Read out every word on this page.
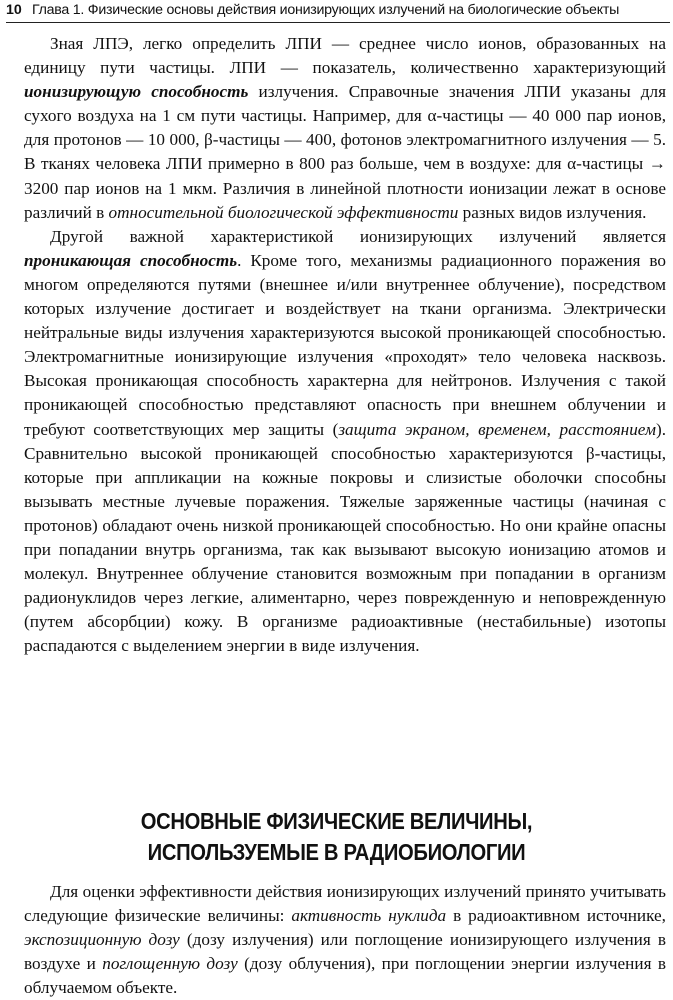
10 Глава 1. Физические основы действия ионизирующих излучений на биологические объекты

Зная ЛПЭ, легко определить ЛПИ — среднее число ионов, образованных на единицу пути частицы. ЛПИ — показатель, количественно характеризующий ионизирующую способность излучения. Справочные значения ЛПИ указаны для сухого воздуха на 1 см пути частицы. Например, для α-частицы — 40 000 пар ионов, для протонов — 10 000, β-частицы — 400, фотонов электромагнитного излучения — 5. В тканях человека ЛПИ примерно в 800 раз больше, чем в воздухе: для α-частицы → 3200 пар ионов на 1 мкм. Различия в линейной плотности ионизации лежат в основе различий в относительной биологической эффективности разных видов излучения.

Другой важной характеристикой ионизирующих излучений является проникающая способность. Кроме того, механизмы радиационного поражения во многом определяются путями (внешнее и/или внутреннее облучение), посредством которых излучение достигает и воздействует на ткани организма. Электрически нейтральные виды излучения характеризуются высокой проникающей способностью. Электромагнитные ионизирующие излучения «проходят» тело человека насквозь. Высокая проникающая способность характерна для нейтронов. Излучения с такой проникающей способностью представляют опасность при внешнем облучении и требуют соответствующих мер защиты (защита экраном, временем, расстоянием). Сравнительно высокой проникающей способностью характеризуются β-частицы, которые при аппликации на кожные покровы и слизистые оболочки способны вызывать местные лучевые поражения. Тяжелые заряженные частицы (начиная с протонов) обладают очень низкой проникающей способностью. Но они крайне опасны при попадании внутрь организма, так как вызывают высокую ионизацию атомов и молекул. Внутреннее облучение становится возможным при попадании в организм радионуклидов через легкие, алиментарно, через поврежденную и неповрежденную (путем абсорбции) кожу. В организме радиоактивные (нестабильные) изотопы распадаются с выделением энергии в виде излучения.

ОСНОВНЫЕ ФИЗИЧЕСКИЕ ВЕЛИЧИНЫ,
ИСПОЛЬЗУЕМЫЕ В РАДИОБИОЛОГИИ

Для оценки эффективности действия ионизирующих излучений принято учитывать следующие физические величины: активность нуклида в радиоактивном источнике, экспозиционную дозу (дозу излучения) или поглощение ионизирующего излучения в воздухе и поглощенную дозу (дозу облучения), при поглощении энергии излучения в облучаемом объекте.
